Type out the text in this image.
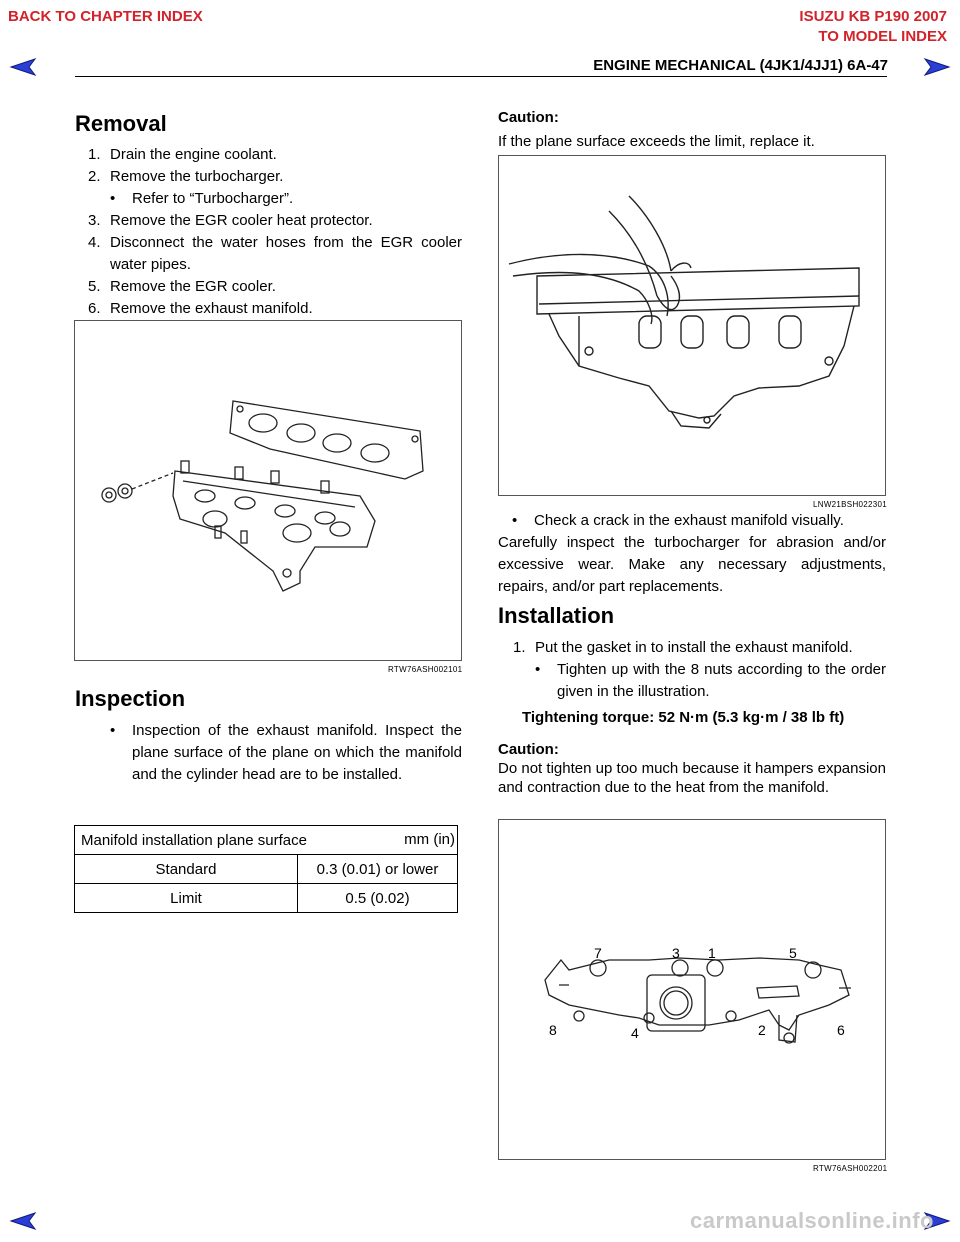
BACK TO CHAPTER INDEX	ISUZU KB P190 2007
TO MODEL INDEX
ENGINE MECHANICAL (4JK1/4JJ1) 6A-47
Removal
1. Drain the engine coolant.
2. Remove the turbocharger.
• Refer to “Turbocharger”.
3. Remove the EGR cooler heat protector.
4. Disconnect the water hoses from the EGR cooler water pipes.
5. Remove the EGR cooler.
6. Remove the exhaust manifold.
RTW76ASH002101
Inspection
• Inspection of the exhaust manifold. Inspect the plane surface of the plane on which the manifold and the cylinder head are to be installed.
Manifold installation plane surface mm (in)	

Standard	0.3 (0.01) or lower
Limit	0.5 (0.02)
Caution:
If the plane surface exceeds the limit, replace it.
LNW21BSH022301
• Check a crack in the exhaust manifold visually.
Carefully inspect the turbocharger for abrasion and/or excessive wear. Make any necessary adjustments, repairs, and/or part replacements.
Installation
1. Put the gasket in to install the exhaust manifold.
• Tighten up with the 8 nuts according to the order given in the illustration.
Tightening torque: 52 N·m (5.3 kg·m / 38 lb ft)
Caution:
Do not tighten up too much because it hampers expansion and contraction due to the heat from the manifold.
7	3 1	5
8	4	2	6
RTW76ASH002201
carmanualsonline.info
